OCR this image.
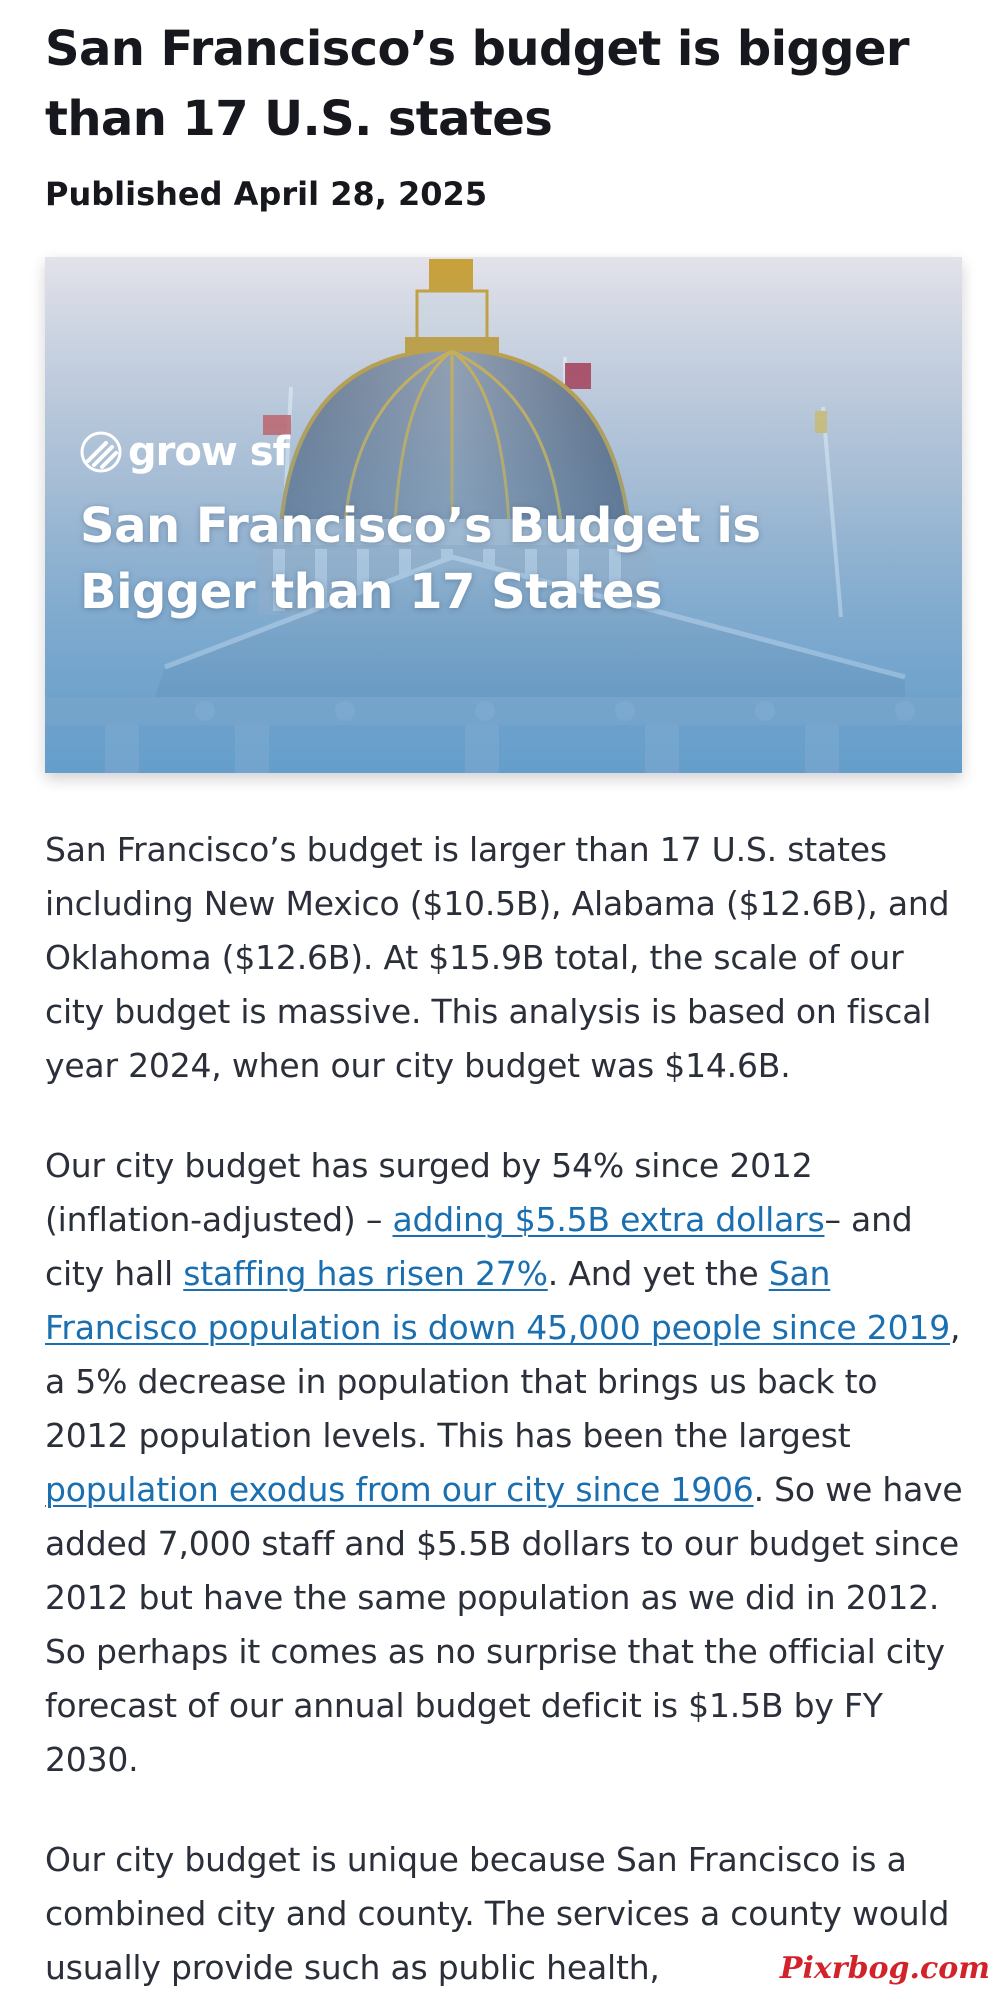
San Francisco’s budget is bigger than 17 U.S. states
Published April 28, 2025
grow sf
San Francisco’s Budget is Bigger than 17 States

San Francisco’s budget is larger than 17 U.S. states including New Mexico ($10.5B), Alabama ($12.6B), and Oklahoma ($12.6B). At $15.9B total, the scale of our city budget is massive. This analysis is based on fiscal year 2024, when our city budget was $14.6B.

Our city budget has surged by 54% since 2012 (inflation-adjusted) – adding $5.5B extra dollars– and city hall staffing has risen 27%. And yet the San Francisco population is down 45,000 people since 2019, a 5% decrease in population that brings us back to 2012 population levels. This has been the largest population exodus from our city since 1906. So we have added 7,000 staff and $5.5B dollars to our budget since 2012 but have the same population as we did in 2012. So perhaps it comes as no surprise that the official city forecast of our annual budget deficit is $1.5B by FY 2030.

Our city budget is unique because San Francisco is a combined city and county. The services a county would usually provide such as public health,	Pixrbog.com
